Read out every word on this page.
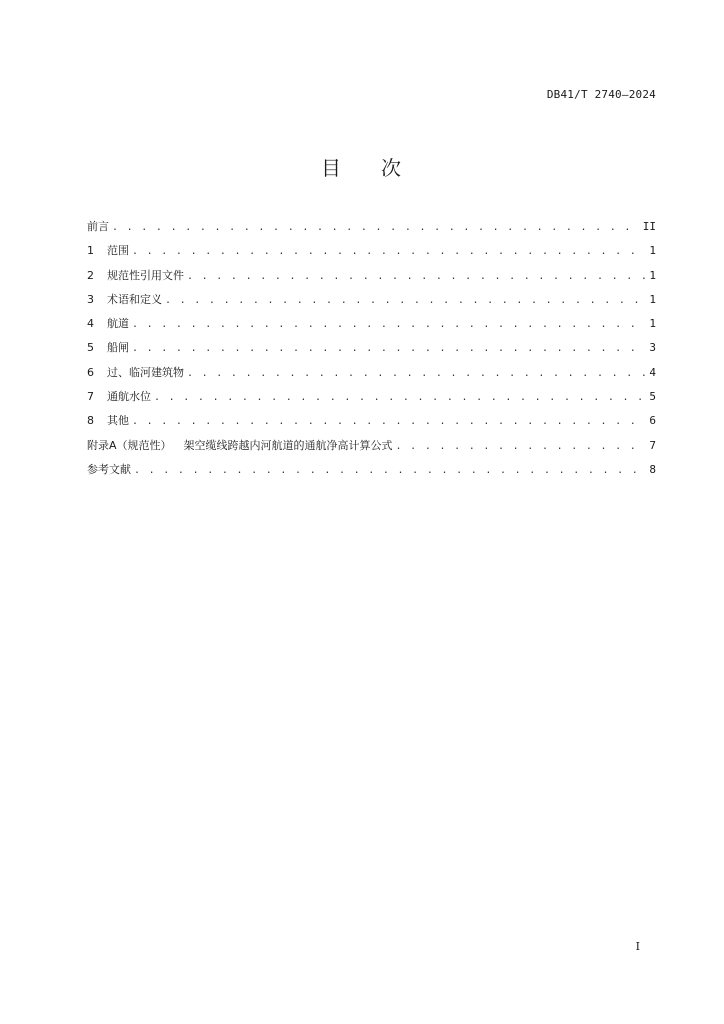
DB41/T 2740—2024
目 次
前言 . . .	II
1	范围 . . .	1
2	规范性引用文件 . . .	1
3	术语和定义 . . .	1
4	航道 . . .	1
5	船闸 . . .	3
6	过、临河建筑物 . . .	4
7	通航水位 . . .	5
8	其他 . . .	6
附录A（规范性） 架空缆线跨越内河航道的通航净高计算公式 . . .	7
参考文献 . . .	8
I
